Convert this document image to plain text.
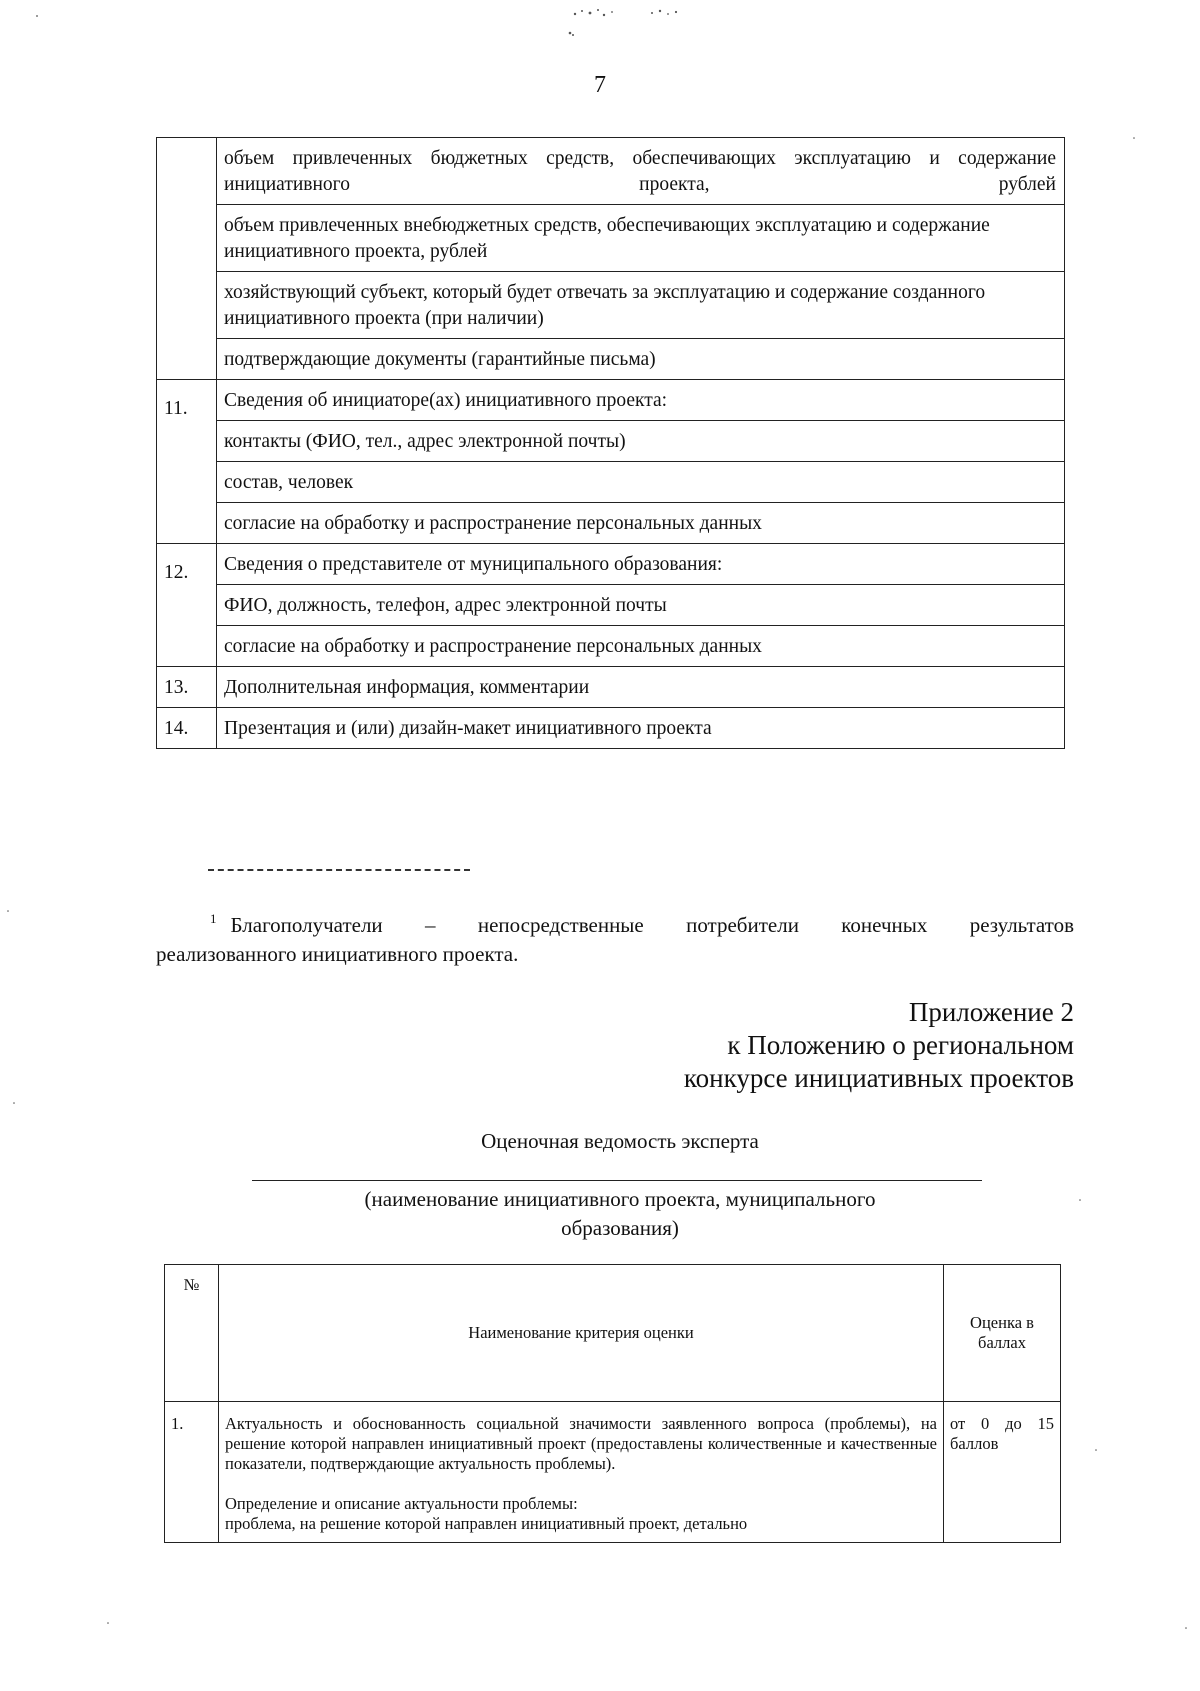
7
	объем привлеченных бюджетных средств, обеспечивающих эксплуатацию и содержание инициативного проекта, рублей
	объем привлеченных внебюджетных средств, обеспечивающих эксплуатацию и содержание инициативного проекта, рублей
	хозяйствующий субъект, который будет отвечать за эксплуатацию и содержание созданного инициативного проекта (при наличии)
	подтверждающие документы (гарантийные письма)
11.	Сведения об инициаторе(ах) инициативного проекта:
	контакты (ФИО, тел., адрес электронной почты)
	состав, человек
	согласие на обработку и распространение персональных данных
12.	Сведения о представителе от муниципального образования:
	ФИО, должность, телефон, адрес электронной почты
	согласие на обработку и распространение персональных данных
13.	Дополнительная информация, комментарии
14.	Презентация и (или) дизайн-макет инициативного проекта
$^1$ Благополучатели – непосредственные потребители конечных результатов
реализованного инициативного проекта.
Приложение 2
к Положению о региональном
конкурсе инициативных проектов
Оценочная ведомость эксперта
(наименование инициативного проекта, муниципального
образования)
№	Наименование критерия оценки	Оценка в баллах
1.	Актуальность и обоснованность социальной значимости заявленного вопроса (проблемы), на решение которой направлен инициативный проект (предоставлены количественные и качественные показатели, подтверждающие актуальность проблемы).
Определение и описание актуальности проблемы:
проблема, на решение которой направлен инициативный проект, детально	от 0 до 15 баллов
